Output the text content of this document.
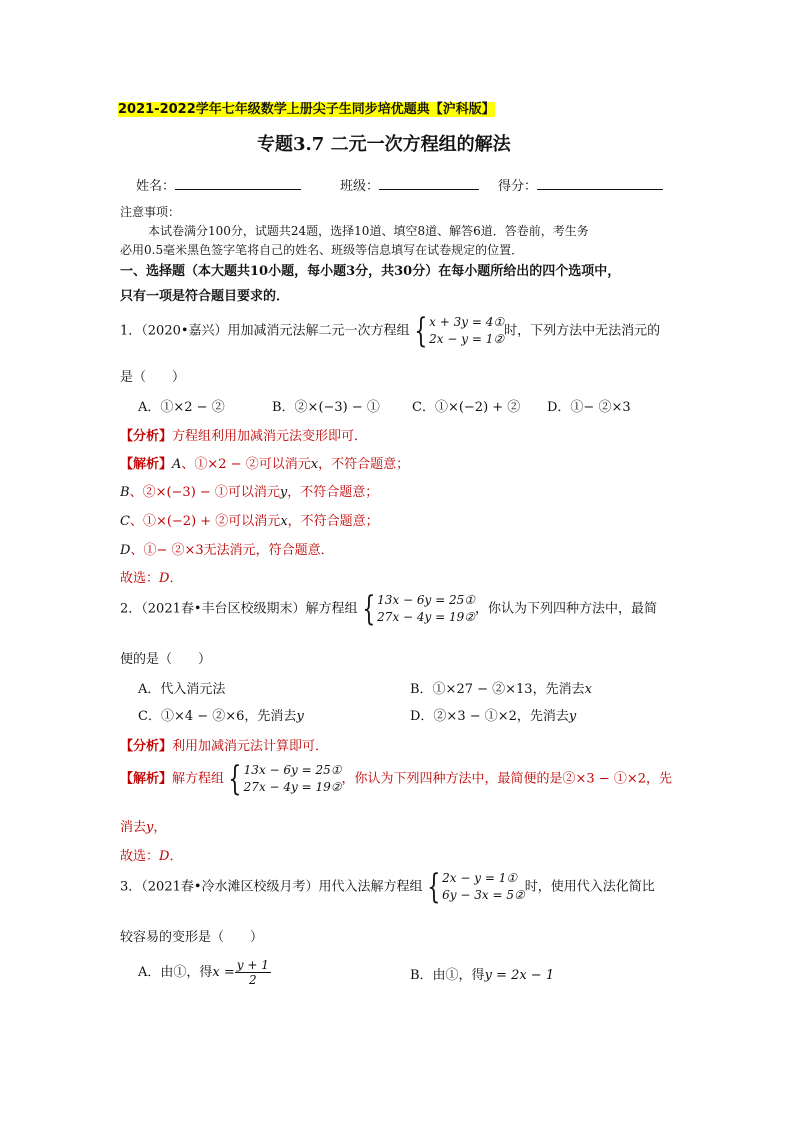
2021-2022学年七年级数学上册尖子生同步培优题典【沪科版】
专题3.7 二元一次方程组的解法
姓名：	班级：	得分：
注意事项：
本试卷满分100分，试题共24题，选择10道、填空8道、解答6道．答卷前，考生务
必用0.5毫米黑色签字笔将自己的姓名、班级等信息填写在试卷规定的位置．
一、选择题（本大题共10小题，每小题3分，共30分）在每小题所给出的四个选项中，
只有一项是符合题目要求的．
1．（2020•嘉兴）用加减消元法解二元一次方程组 { x + 3y = 4①
2x − y = 1②
时，下列方法中无法消元的
是（　　）
A．①×2 − ②	B．②×(−3) − ① C．①×(−2) + ② D．①− ②×3
【分析】方程组利用加减消元法变形即可．
【解析】A、①×2 − ②可以消元x，不符合题意；
B、②×(−3) − ①可以消元y，不符合题意；
C、①×(−2) + ②可以消元x，不符合题意；
D、①− ②×3无法消元，符合题意．
故选：D．
2．（2021春•丰台区校级期末）解方程组 { 13x − 6y = 25①
27x − 4y = 19②
，你认为下列四种方法中，最简
便的是（　　）
A．代入消元法	B．①×27 − ②×13，先消去x
C．①×4 − ②×6，先消去y	D．②×3 − ①×2，先消去y
【分析】利用加减消元法计算即可．
【解析】解方程组 { 13x − 6y = 25①
27x − 4y = 19②
，你认为下列四种方法中，最简便的是②×3 − ①×2，先
消去y，
故选：D．
3．（2021春•冷水滩区校级月考）用代入法解方程组 { 2x − y = 1①
6y − 3x = 5②
时，使用代入法化简比
较容易的变形是（　　）
A．由①，得$x = \frac{y + 1}{2}$	B．由①，得y = 2x − 1
